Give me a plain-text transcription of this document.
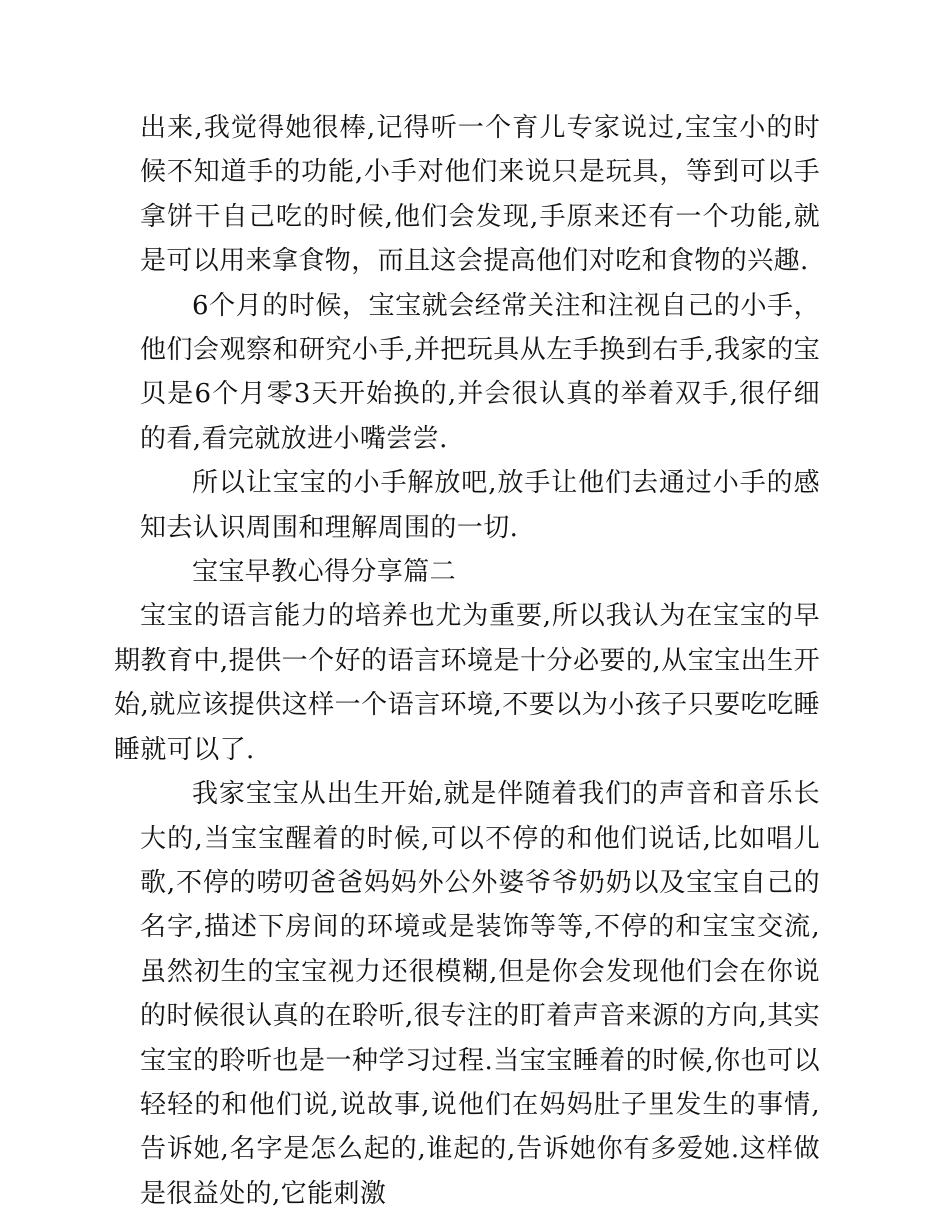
出来,我觉得她很棒,记得听一个育儿专家说过,宝宝小的时候不知道手的功能,小手对他们来说只是玩具，等到可以手拿饼干自己吃的时候,他们会发现,手原来还有一个功能,就是可以用来拿食物，而且这会提高他们对吃和食物的兴趣.

6个月的时候，宝宝就会经常关注和注视自己的小手，他们会观察和研究小手,并把玩具从左手换到右手,我家的宝贝是6个月零3天开始换的,并会很认真的举着双手,很仔细的看,看完就放进小嘴尝尝.

所以让宝宝的小手解放吧,放手让他们去通过小手的感知去认识周围和理解周围的一切.

宝宝早教心得分享篇二

宝宝的语言能力的培养也尤为重要,所以我认为在宝宝的早期教育中,提供一个好的语言环境是十分必要的,从宝宝出生开始,就应该提供这样一个语言环境,不要以为小孩子只要吃吃睡睡就可以了.

我家宝宝从出生开始,就是伴随着我们的声音和音乐长大的,当宝宝醒着的时候,可以不停的和他们说话,比如唱儿歌,不停的唠叨爸爸妈妈外公外婆爷爷奶奶以及宝宝自己的名字,描述下房间的环境或是装饰等等,不停的和宝宝交流,虽然初生的宝宝视力还很模糊,但是你会发现他们会在你说的时候很认真的在聆听,很专注的盯着声音来源的方向,其实宝宝的聆听也是一种学习过程.当宝宝睡着的时候,你也可以轻轻的和他们说,说故事,说他们在妈妈肚子里发生的事情,告诉她,名字是怎么起的,谁起的,告诉她你有多爱她.这样做是很益处的,它能刺激
